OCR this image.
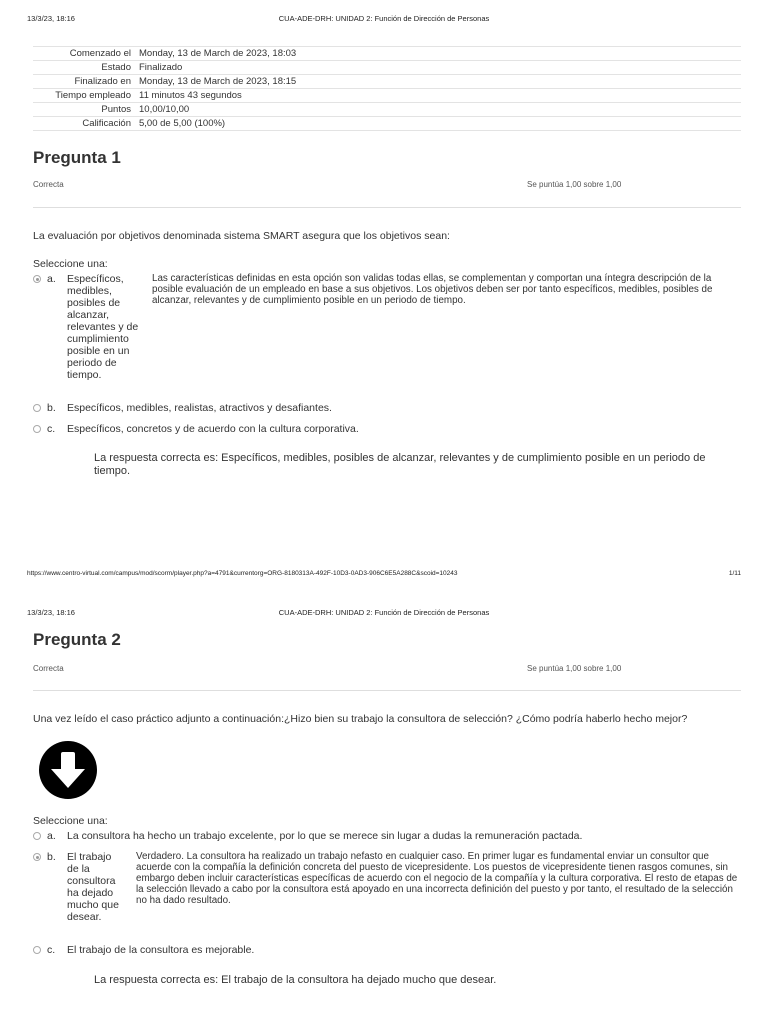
13/3/23, 18:16	CUA-ADE-DRH: UNIDAD 2: Función de Dirección de Personas
Comenzado el	Monday, 13 de March de 2023, 18:03
Estado	Finalizado
Finalizado en	Monday, 13 de March de 2023, 18:15
Tiempo empleado	11 minutos 43 segundos
Puntos	10,00/10,00
Calificación	5,00 de 5,00 (100%)
Pregunta 1
Correcta	Se puntúa 1,00 sobre 1,00
La evaluación por objetivos denominada sistema SMART asegura que los objetivos sean:
Seleccione una:
a. Específicos, medibles, posibles de alcanzar, relevantes y de cumplimiento posible en un periodo de tiempo.
Las características definidas en esta opción son validas todas ellas, se complementan y comportan una íntegra descripción de la posible evaluación de un empleado en base a sus objetivos. Los objetivos deben ser por tanto específicos, medibles, posibles de alcanzar, relevantes y de cumplimiento posible en un periodo de tiempo.
b. Específicos, medibles, realistas, atractivos y desafiantes.
c. Específicos, concretos y de acuerdo con la cultura corporativa.
La respuesta correcta es: Específicos, medibles, posibles de alcanzar, relevantes y de cumplimiento posible en un periodo de tiempo.
https://www.centro-virtual.com/campus/mod/scorm/player.php?a=4791&currentorg=ORG-8180313A-492F-10D3-0AD3-906C6E5A288C&scoid=10243	1/11
13/3/23, 18:16	CUA-ADE-DRH: UNIDAD 2: Función de Dirección de Personas
Pregunta 2
Correcta	Se puntúa 1,00 sobre 1,00
Una vez leído el caso práctico adjunto a continuación:¿Hizo bien su trabajo la consultora de selección? ¿Cómo podría haberlo hecho mejor?
Seleccione una:
a. La consultora ha hecho un trabajo excelente, por lo que se merece sin lugar a dudas la remuneración pactada.
b. El trabajo de la consultora ha dejado mucho que desear.
Verdadero. La consultora ha realizado un trabajo nefasto en cualquier caso. En primer lugar es fundamental enviar un consultor que acuerde con la compañía la definición concreta del puesto de vicepresidente. Los puestos de vicepresidente tienen rasgos comunes, sin embargo deben incluir características específicas de acuerdo con el negocio de la compañía y la cultura corporativa. El resto de etapas de la selección llevado a cabo por la consultora está apoyado en una incorrecta definición del puesto y por tanto, el resultado de la selección no ha dado resultado.
c. El trabajo de la consultora es mejorable.
La respuesta correcta es: El trabajo de la consultora ha dejado mucho que desear.
